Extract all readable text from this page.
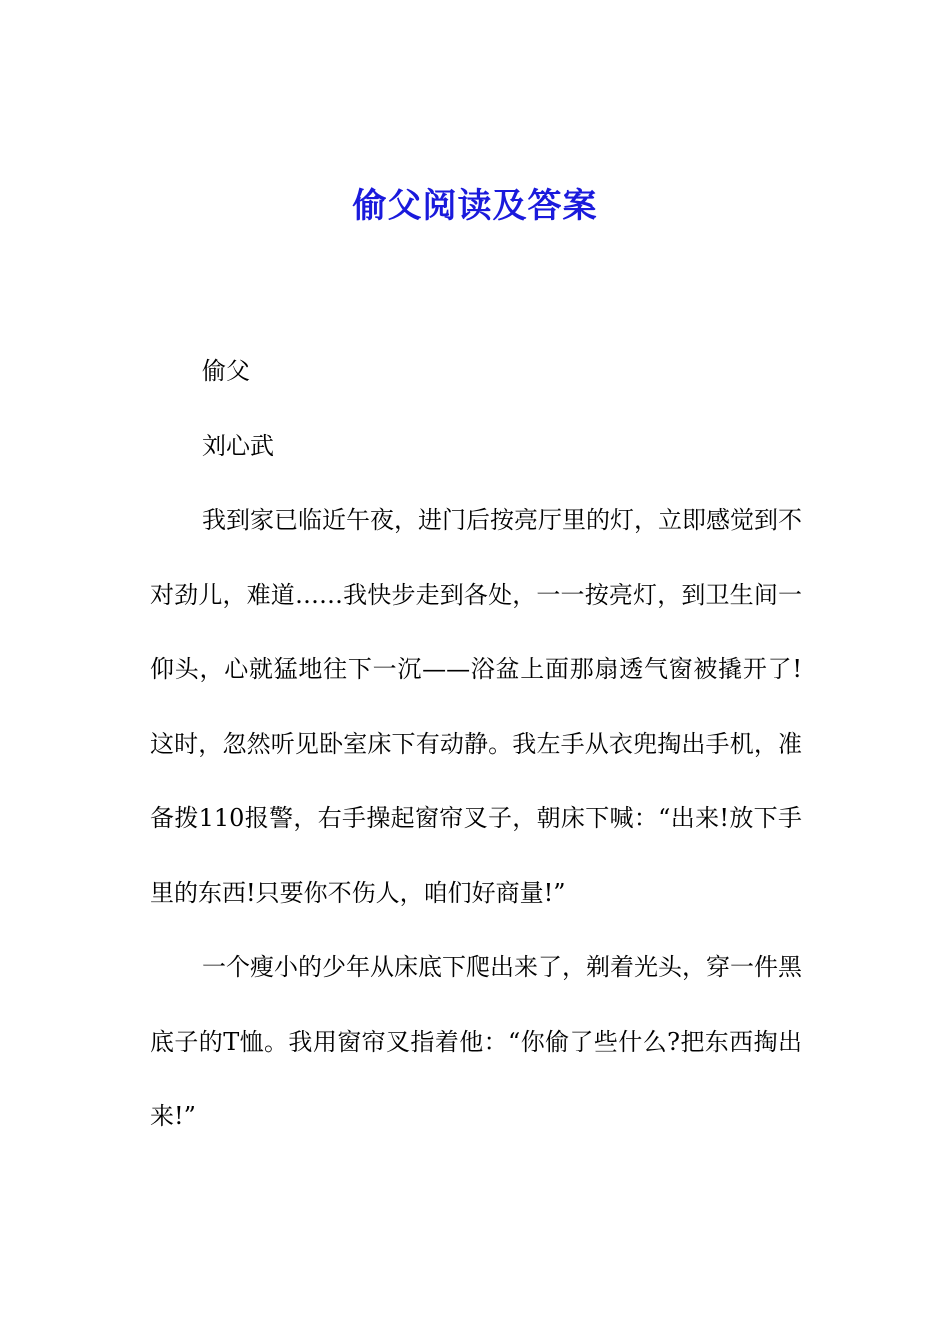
偷父阅读及答案

偷父

刘心武

我到家已临近午夜，进门后按亮厅里的灯，立即感觉到不对劲儿，难道……我快步走到各处，一一按亮灯，到卫生间一仰头，心就猛地往下一沉——浴盆上面那扇透气窗被撬开了!这时，忽然听见卧室床下有动静。我左手从衣兜掏出手机，准备拨110报警，右手操起窗帘叉子，朝床下喊：“出来!放下手里的东西!只要你不伤人，咱们好商量!”

一个瘦小的少年从床底下爬出来了，剃着光头，穿一件黑底子的T恤。我用窗帘叉指着他：“你偷了些什么?把东西掏出来!”
